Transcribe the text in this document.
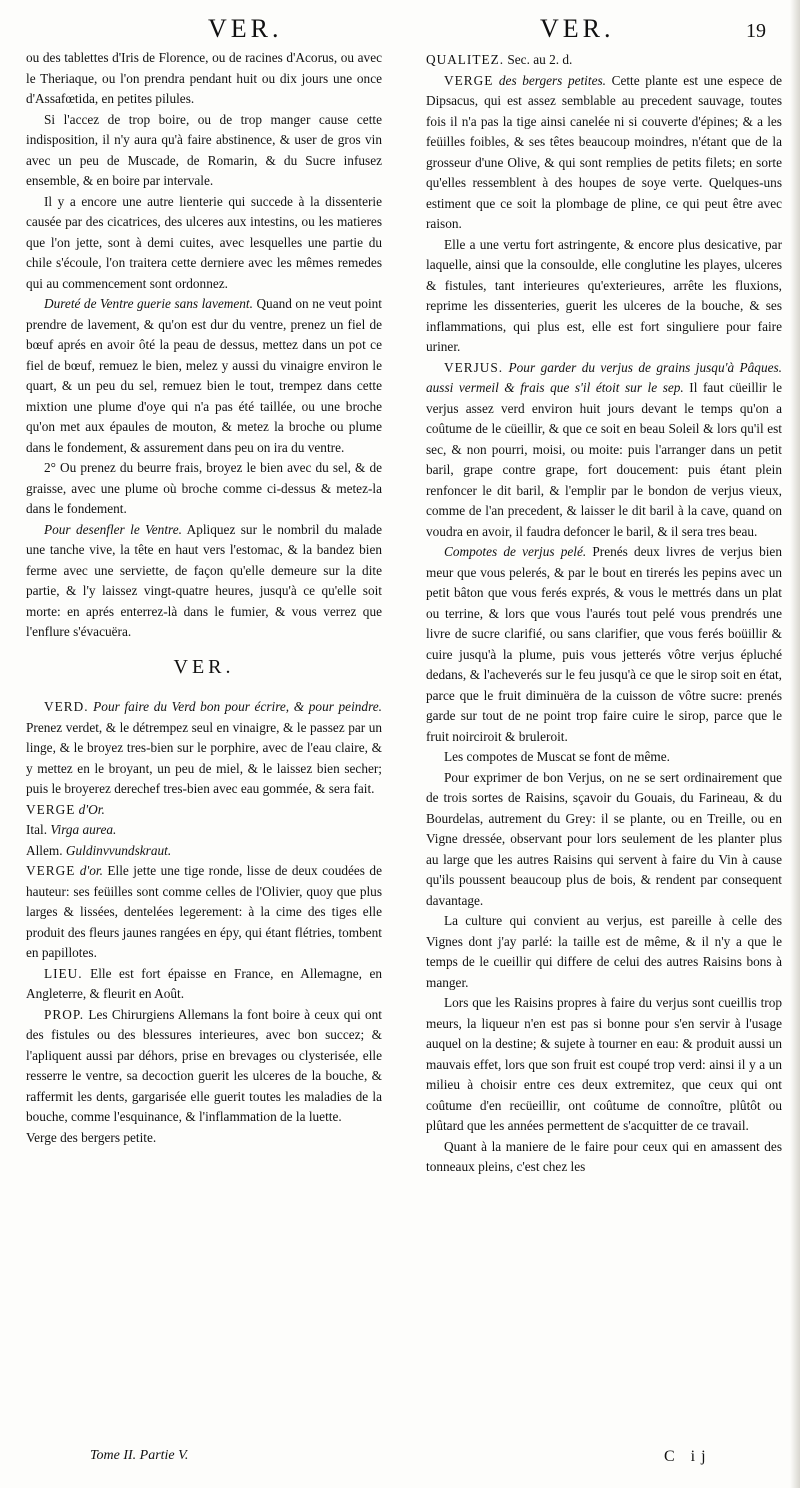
VER.	VER.	19

ou des tablettes d'Iris de Florence, ou de racines d'Acorus, ou avec le Theriaque, ou l'on prendra pendant huit ou dix jours une once d'Assafœtida, en petites pilules.

Si l'accez de trop boire, ou de trop manger cause cette indisposition, il n'y aura qu'à faire abstinence, & user de gros vin avec un peu de Muscade, de Romarin, & du Sucre infusez ensemble, & en boire par intervale.

Il y a encore une autre lienterie qui succede à la dissenterie causée par des cicatrices, des ulceres aux intestins, ou les matieres que l'on jette, sont à demi cuites, avec lesquelles une partie du chile s'écoule, l'on traitera cette derniere avec les mêmes remedes qui au commencement sont ordonnez.

Dureté de Ventre guerie sans lavement. Quand on ne veut point prendre de lavement, & qu'on est dur du ventre, prenez un fiel de bœuf aprés en avoir ôté la peau de dessus, mettez dans un pot ce fiel de bœuf, remuez le bien, melez y aussi du vinaigre environ le quart, & un peu du sel, remuez bien le tout, trempez dans cette mixtion une plume d'oye qui n'a pas été taillée, ou une broche qu'on met aux épaules de mouton, & metez la broche ou plume dans le fondement, & assurement dans peu on ira du ventre.

2° Ou prenez du beurre frais, broyez le bien avec du sel, & de graisse, avec une plume où broche comme ci-dessus & metez-la dans le fondement.

Pour desenfler le Ventre. Apliquez sur le nombril du malade une tanche vive, la tête en haut vers l'estomac, & la bandez bien ferme avec une serviette, de façon qu'elle demeure sur la dite partie, & l'y laissez vingt-quatre heures, jusqu'à ce qu'elle soit morte: en aprés enterrez-là dans le fumier, & vous verrez que l'enflure s'évacuëra.

VER.

VERD. Pour faire du Verd bon pour écrire, & pour peindre. Prenez verdet, & le détrempez seul en vinaigre, & le passez par un linge, & le broyez tres-bien sur le porphire, avec de l'eau claire, & y mettez en le broyant, un peu de miel, & le laissez bien secher; puis le broyerez derechef tres-bien avec eau gommée, & sera fait.

VERGE d'Or.

Ital. Virga aurea.

Allem. Guldinvvundskraut.

VERGE d'or. Elle jette une tige ronde, lisse de deux coudées de hauteur: ses feüilles sont comme celles de l'Olivier, quoy que plus larges & lissées, dentelées legerement: à la cime des tiges elle produit des fleurs jaunes rangées en épy, qui étant flétries, tombent en papillotes.

LIEU. Elle est fort épaisse en France, en Allemagne, en Angleterre, & fleurit en Août.

PROP. Les Chirurgiens Allemans la font boire à ceux qui ont des fistules ou des blessures interieures, avec bon succez; & l'apliquent aussi par déhors, prise en brevages ou clysterisée, elle resserre le ventre, sa decoction guerit les ulceres de la bouche, & raffermit les dents, gargarisée elle guerit toutes les maladies de la bouche, comme l'esquinance, & l'inflammation de la luette.

Verge des bergers petite.

QUALITEZ. Sec. au 2. d.

VERGE des bergers petites. Cette plante est une espece de Dipsacus, qui est assez semblable au precedent sauvage, toutes fois il n'a pas la tige ainsi canelée ni si couverte d'épines; & a les feüilles foibles, & ses têtes beaucoup moindres, n'étant que de la grosseur d'une Olive, & qui sont remplies de petits filets; en sorte qu'elles ressemblent à des houpes de soye verte. Quelques-uns estiment que ce soit la plombage de pline, ce qui peut être avec raison.

Elle a une vertu fort astringente, & encore plus desicative, par laquelle, ainsi que la consoulde, elle conglutine les playes, ulceres & fistules, tant interieures qu'exterieures, arrête les fluxions, reprime les dissenteries, guerit les ulceres de la bouche, & ses inflammations, qui plus est, elle est fort singuliere pour faire uriner.

VERJUS. Pour garder du verjus de grains jusqu'à Pâques. aussi vermeil & frais que s'il étoit sur le sep. Il faut cüeillir le verjus assez verd environ huit jours devant le temps qu'on a coûtume de le cüeillir, & que ce soit en beau Soleil & lors qu'il est sec, & non pourri, moisi, ou moite: puis l'arranger dans un petit baril, grape contre grape, fort doucement: puis étant plein renfoncer le dit baril, & l'emplir par le bondon de verjus vieux, comme de l'an precedent, & laisser le dit baril à la cave, quand on voudra en avoir, il faudra defoncer le baril, & il sera tres beau.

Compotes de verjus pelé. Prenés deux livres de verjus bien meur que vous pelerés, & par le bout en tirerés les pepins avec un petit bâton que vous ferés exprés, & vous le mettrés dans un plat ou terrine, & lors que vous l'aurés tout pelé vous prendrés une livre de sucre clarifié, ou sans clarifier, que vous ferés boüillir & cuire jusqu'à la plume, puis vous jetterés vôtre verjus épluché dedans, & l'acheverés sur le feu jusqu'à ce que le sirop soit en état, parce que le fruit diminuëra de la cuisson de vôtre sucre: prenés garde sur tout de ne point trop faire cuire le sirop, parce que le fruit noirciroit & bruleroit.

Les compotes de Muscat se font de même.

Pour exprimer de bon Verjus, on ne se sert ordinairement que de trois sortes de Raisins, sçavoir du Gouais, du Farineau, & du Bourdelas, autrement du Grey: il se plante, ou en Treille, ou en Vigne dressée, observant pour lors seulement de les planter plus au large que les autres Raisins qui servent à faire du Vin à cause qu'ils poussent beaucoup plus de bois, & rendent par consequent davantage.

La culture qui convient au verjus, est pareille à celle des Vignes dont j'ay parlé: la taille est de même, & il n'y a que le temps de le cueillir qui differe de celui des autres Raisins bons à manger.

Lors que les Raisins propres à faire du verjus sont cueillis trop meurs, la liqueur n'en est pas si bonne pour s'en servir à l'usage auquel on la destine; & sujete à tourner en eau: & produit aussi un mauvais effet, lors que son fruit est coupé trop verd: ainsi il y a un milieu à choisir entre ces deux extremitez, que ceux qui ont coûtume d'en recüeillir, ont coûtume de connoître, plûtôt ou plûtard que les années permettent de s'acquitter de ce travail.

Quant à la maniere de le faire pour ceux qui en amassent des tonneaux pleins, c'est chez les

Tome II. Partie V.	C ij
